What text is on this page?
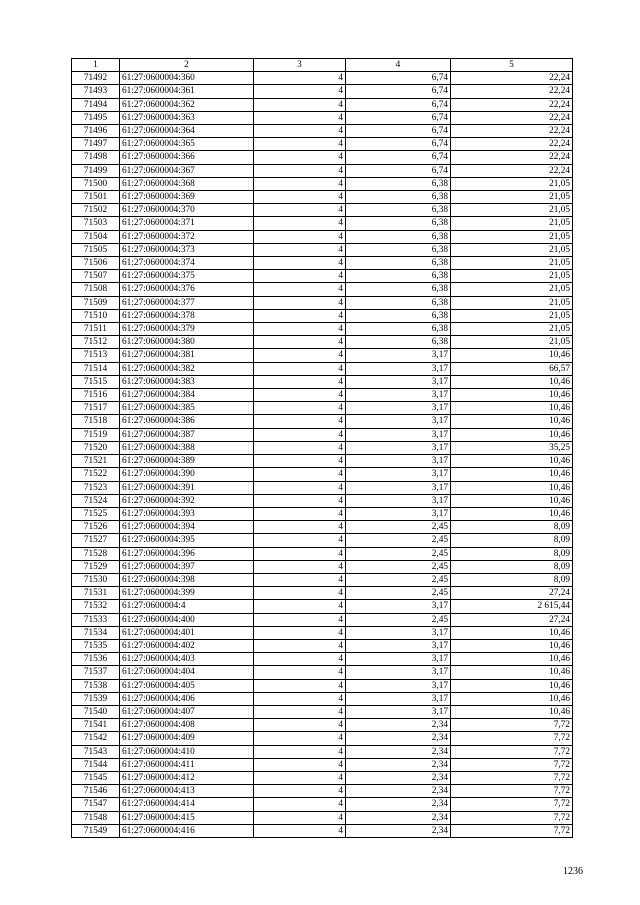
1	2	3	4	5
71492	61:27:0600004:360	4	6,74	22,24
71493	61:27:0600004:361	4	6,74	22,24
71494	61:27:0600004:362	4	6,74	22,24
71495	61:27:0600004:363	4	6,74	22,24
71496	61:27:0600004:364	4	6,74	22,24
71497	61:27:0600004:365	4	6,74	22,24
71498	61:27:0600004:366	4	6,74	22,24
71499	61:27:0600004:367	4	6,74	22,24
71500	61:27:0600004:368	4	6,38	21,05
71501	61:27:0600004:369	4	6,38	21,05
71502	61:27:0600004:370	4	6,38	21,05
71503	61:27:0600004:371	4	6,38	21,05
71504	61:27:0600004:372	4	6,38	21,05
71505	61:27:0600004:373	4	6,38	21,05
71506	61:27:0600004:374	4	6,38	21,05
71507	61:27:0600004:375	4	6,38	21,05
71508	61:27:0600004:376	4	6,38	21,05
71509	61:27:0600004:377	4	6,38	21,05
71510	61:27:0600004:378	4	6,38	21,05
71511	61:27:0600004:379	4	6,38	21,05
71512	61:27:0600004:380	4	6,38	21,05
71513	61:27:0600004:381	4	3,17	10,46
71514	61:27:0600004:382	4	3,17	66,57
71515	61:27:0600004:383	4	3,17	10,46
71516	61:27:0600004:384	4	3,17	10,46
71517	61:27:0600004:385	4	3,17	10,46
71518	61:27:0600004:386	4	3,17	10,46
71519	61:27:0600004:387	4	3,17	10,46
71520	61:27:0600004:388	4	3,17	35,25
71521	61:27:0600004:389	4	3,17	10,46
71522	61:27:0600004:390	4	3,17	10,46
71523	61:27:0600004:391	4	3,17	10,46
71524	61:27:0600004:392	4	3,17	10,46
71525	61:27:0600004:393	4	3,17	10,46
71526	61:27:0600004:394	4	2,45	8,09
71527	61:27:0600004:395	4	2,45	8,09
71528	61:27:0600004:396	4	2,45	8,09
71529	61:27:0600004:397	4	2,45	8,09
71530	61:27:0600004:398	4	2,45	8,09
71531	61:27:0600004:399	4	2,45	27,24
71532	61:27:0600004:4	4	3,17	2 615,44
71533	61:27:0600004:400	4	2,45	27,24
71534	61:27:0600004:401	4	3,17	10,46
71535	61:27:0600004:402	4	3,17	10,46
71536	61:27:0600004:403	4	3,17	10,46
71537	61:27:0600004:404	4	3,17	10,46
71538	61:27:0600004:405	4	3,17	10,46
71539	61:27:0600004:406	4	3,17	10,46
71540	61:27:0600004:407	4	3,17	10,46
71541	61:27:0600004:408	4	2,34	7,72
71542	61:27:0600004:409	4	2,34	7,72
71543	61:27:0600004:410	4	2,34	7,72
71544	61:27:0600004:411	4	2,34	7,72
71545	61:27:0600004:412	4	2,34	7,72
71546	61:27:0600004:413	4	2,34	7,72
71547	61:27:0600004:414	4	2,34	7,72
71548	61:27:0600004:415	4	2,34	7,72
71549	61:27:0600004:416	4	2,34	7,72
1236
